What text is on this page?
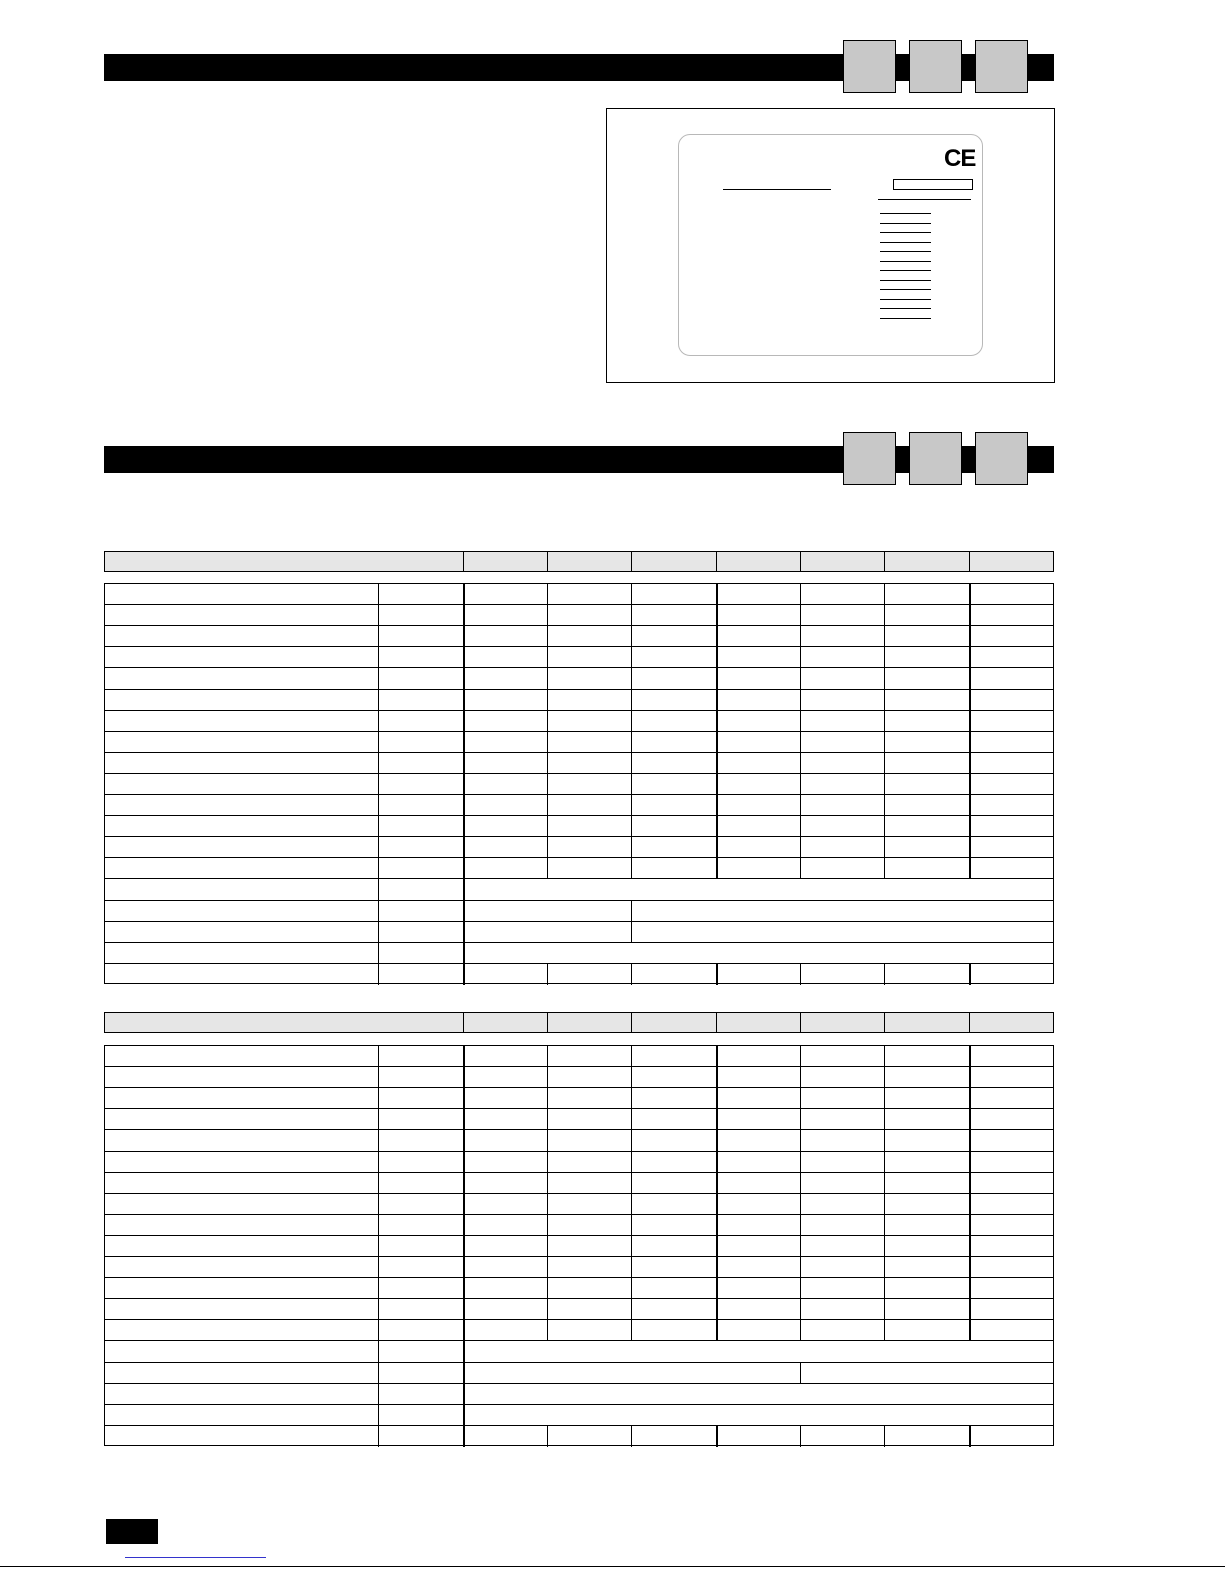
CE
